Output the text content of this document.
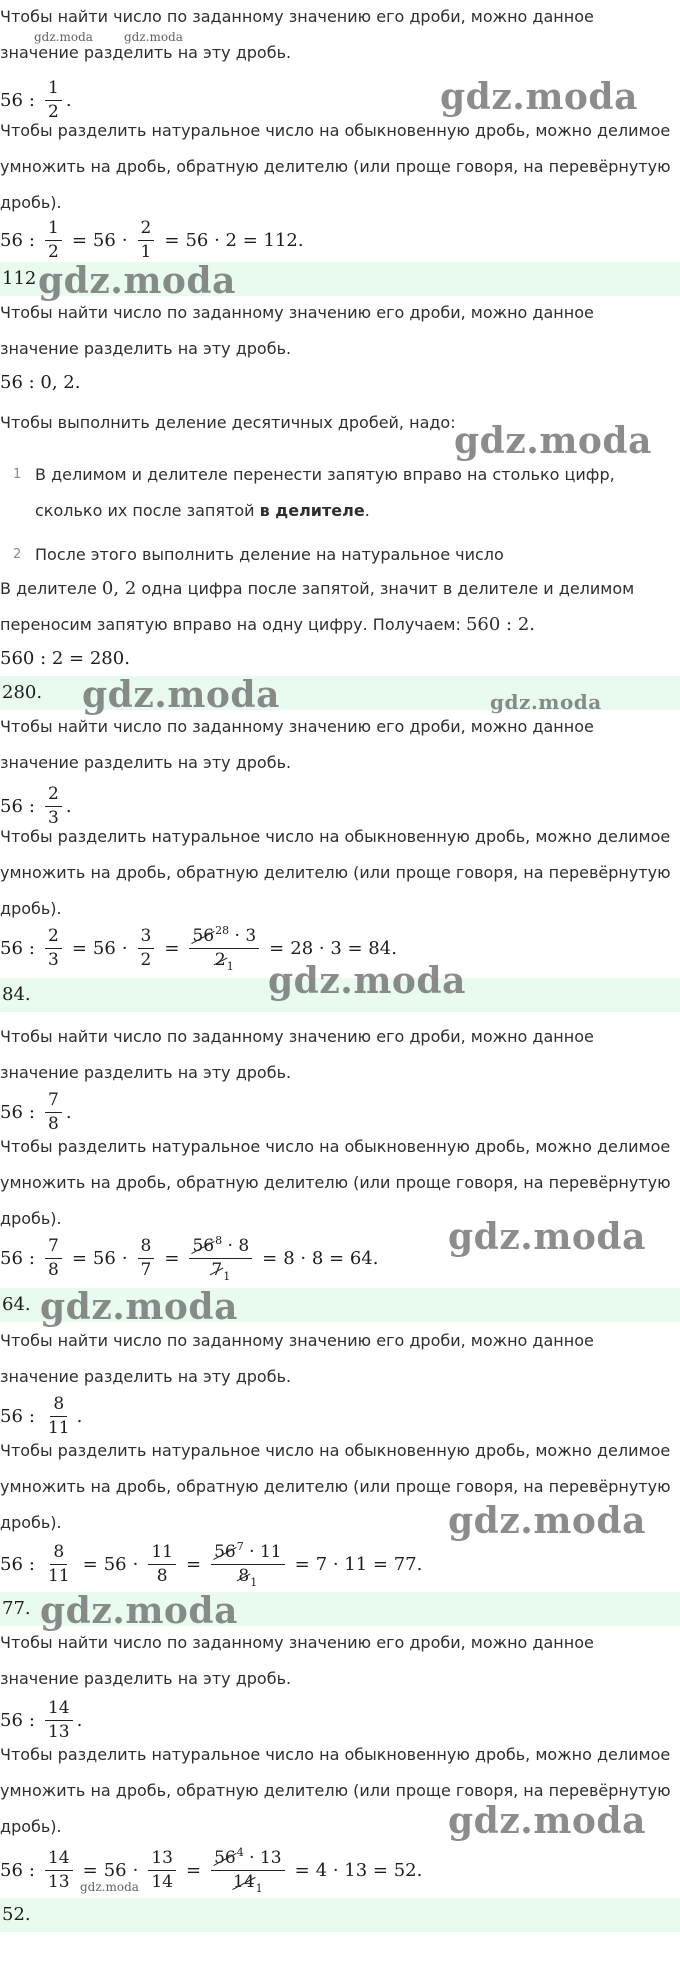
Чтобы найти число по заданному значению его дроби, можно данное

значение разделить на эту дробь.

56 : $\frac{1}{2}$ .

Чтобы разделить натуральное число на обыкновенную дробь, можно делимое

умножить на дробь, обратную делителю (или проще говоря, на перевёрнутую

дробь).

56 : $\frac{1}{2} = 56 \cdot \frac{2}{1} = 56 \cdot 2 = 112$.
112

Чтобы найти число по заданному значению его дроби, можно данное

значение разделить на эту дробь.

56 : 0, 2.

Чтобы выполнить деление десятичных дробей, надо:

1 В делимом и делителе перенести запятую вправо на столько цифр,
сколько их после запятой в делителе.
2 После этого выполнить деление на натуральное число

В делителе 0, 2 одна цифра после запятой, значит в делителе и делимом

переносим запятую вправо на одну цифру. Получаем: 560 : 2.

560 : 2 = 280.
280.

Чтобы найти число по заданному значению его дроби, можно данное

значение разделить на эту дробь.

56 : $\frac{2}{3}$ .

Чтобы разделить натуральное число на обыкновенную дробь, можно делимое

умножить на дробь, обратную делителю (или проще говоря, на перевёрнутую

дробь).

56 : $\frac{2}{3} = 56 \cdot \frac{3}{2} = \frac{56^{28} \cdot 3}{2_1} = 28 \cdot 3 = 84$.
84.

Чтобы найти число по заданному значению его дроби, можно данное

значение разделить на эту дробь.

56 : $\frac{7}{8}$ .

Чтобы разделить натуральное число на обыкновенную дробь, можно делимое

умножить на дробь, обратную делителю (или проще говоря, на перевёрнутую

дробь).

56 : $\frac{7}{8} = 56 \cdot \frac{8}{7} = \frac{56^8 \cdot 8}{7_1} = 8 \cdot 8 = 64$.
64.

Чтобы найти число по заданному значению его дроби, можно данное

значение разделить на эту дробь.

56 : $\frac{8}{11}$ .

Чтобы разделить натуральное число на обыкновенную дробь, можно делимое

умножить на дробь, обратную делителю (или проще говоря, на перевёрнутую

дробь).

56 : $\frac{8}{11} = 56 \cdot \frac{11}{8} = \frac{56^7 \cdot 11}{8_1} = 7 \cdot 11 = 77$.
77.

Чтобы найти число по заданному значению его дроби, можно данное

значение разделить на эту дробь.

56 : $\frac{14}{13}$ .

Чтобы разделить натуральное число на обыкновенную дробь, можно делимое

умножить на дробь, обратную делителю (или проще говоря, на перевёрнутую

дробь).

56 : $\frac{14}{13} = 56 \cdot \frac{13}{14} = \frac{56^4 \cdot 13}{14_1} = 4 \cdot 13 = 52$.
52.
gdz.moda	gdz.moda
gdz.moda
gdz.moda
gdz.moda
gdz.moda	gdz.moda
gdz.moda
gdz.moda
gdz.moda
gdz.moda
gdz.moda
gdz.moda
gdz.moda
